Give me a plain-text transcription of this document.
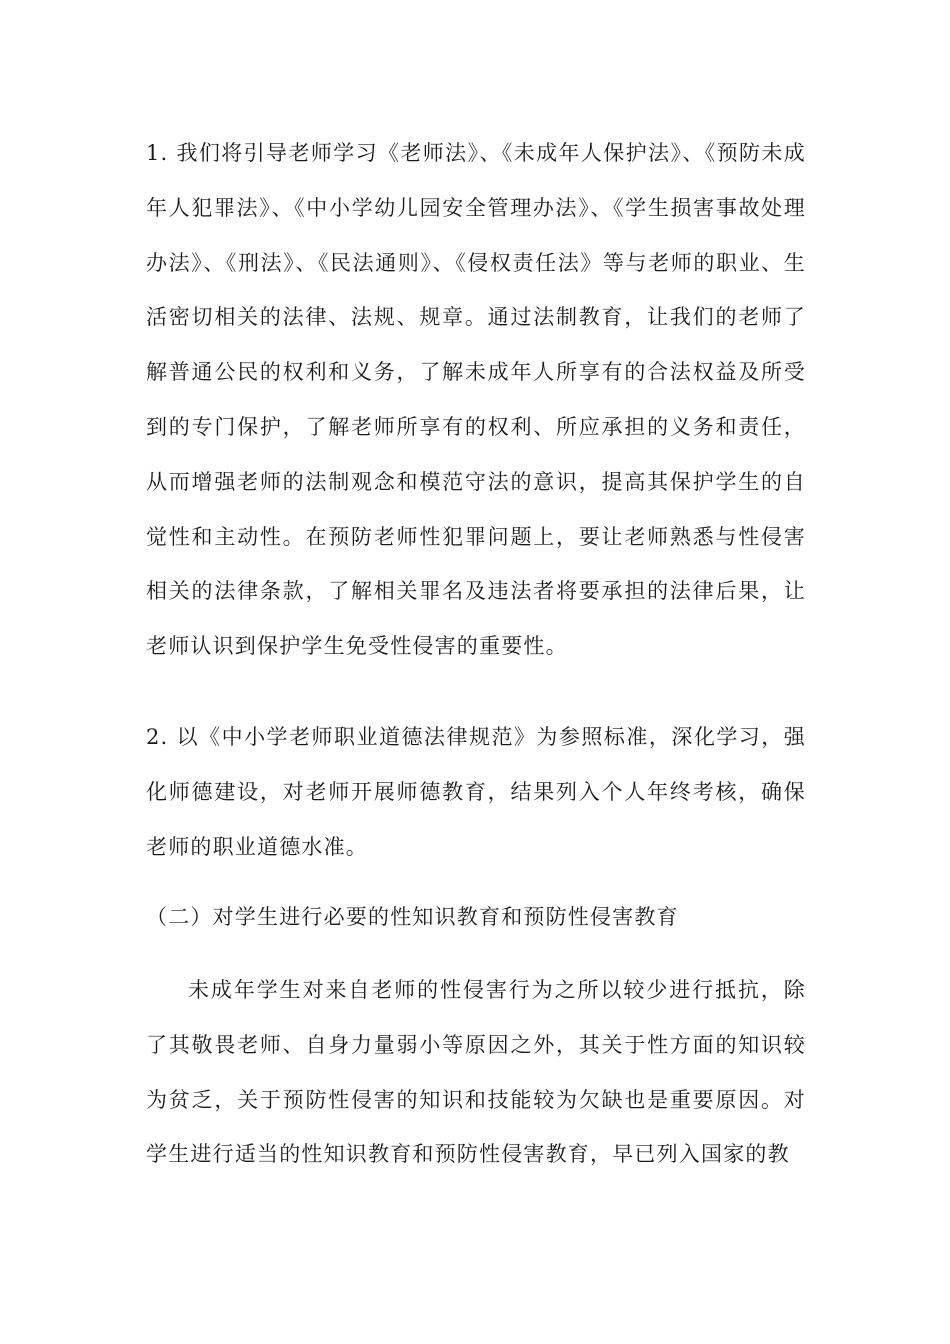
1. 我们将引导老师学习《老师法》、《未成年人保护法》、《预防未成年人犯罪法》、《中小学幼儿园安全管理办法》、《学生损害事故处理办法》、《刑法》、《民法通则》、《侵权责任法》等与老师的职业、生活密切相关的法律、法规、规章。通过法制教育，让我们的老师了解普通公民的权利和义务，了解未成年人所享有的合法权益及所受到的专门保护，了解老师所享有的权利、所应承担的义务和责任，从而增强老师的法制观念和模范守法的意识，提高其保护学生的自觉性和主动性。在预防老师性犯罪问题上，要让老师熟悉与性侵害相关的法律条款，了解相关罪名及违法者将要承担的法律后果，让老师认识到保护学生免受性侵害的重要性。

2. 以《中小学老师职业道德法律规范》为参照标准，深化学习，强化师德建设，对老师开展师德教育，结果列入个人年终考核，确保老师的职业道德水准。

（二）对学生进行必要的性知识教育和预防性侵害教育

未成年学生对来自老师的性侵害行为之所以较少进行抵抗，除了其敬畏老师、自身力量弱小等原因之外，其关于性方面的知识较为贫乏，关于预防性侵害的知识和技能较为欠缺也是重要原因。对学生进行适当的性知识教育和预防性侵害教育，早已列入国家的教
